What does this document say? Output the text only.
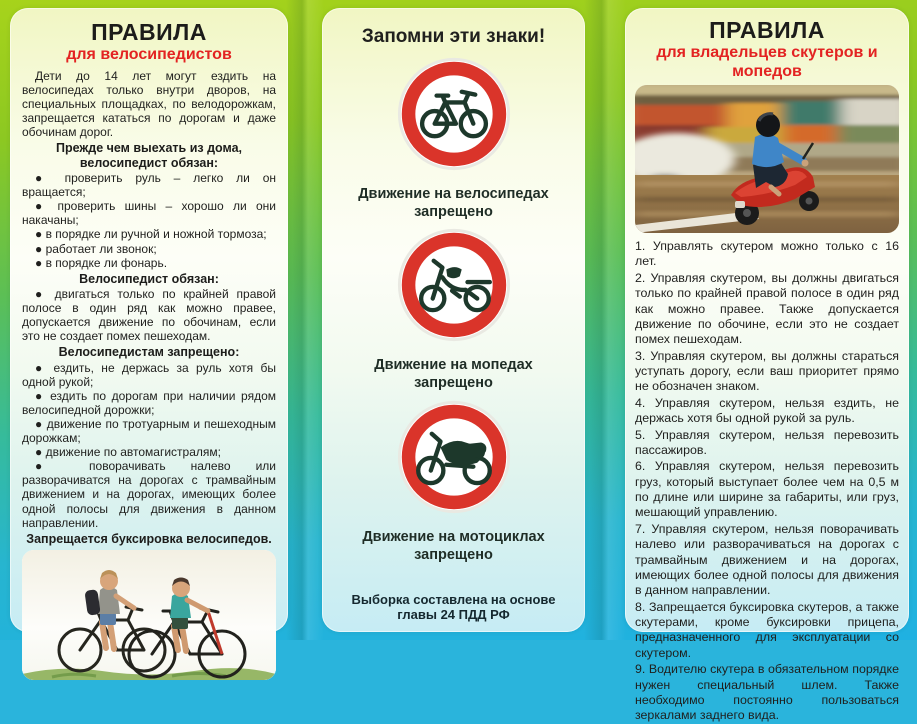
ПРАВИЛА
для велосипедистов

Дети до 14 лет могут ездить на велосипедах только внутри дворов, на специальных площадках, по велодорожкам, запрещается кататься по дорогам и даже обочинам дорог.

Прежде чем выехать из дома, велосипедист обязан:

● проверить руль – легко ли он вращается;

● проверить шины – хорошо ли они накачаны;

● в порядке ли ручной и ножной тормоза;

● работает ли звонок;

● в порядке ли фонарь.

Велосипедист обязан:

● двигаться только по крайней правой полосе в один ряд как можно правее, допускается движение по обочинам, если это не создает помех пешеходам.

Велосипедистам запрещено:

● ездить, не держась за руль хотя бы одной рукой;

● ездить по дорогам при наличии рядом велосипедной дорожки;

● движение по тротуарным и пешеходным дорожкам;

● движение по автомагистралям;

● поворачивать налево или разворачиватся на дорогах с трамвайным движением и на дорогах, имеющих более одной полосы для движения в данном направлении.

Запрещается буксировка велосипедов.

Запомни эти знаки!
Движение на велосипедах запрещено
Движение на мопедах запрещено
Движение на мотоциклах запрещено

Выборка составлена на основе главы 24 ПДД РФ

ПРАВИЛА
для владельцев скутеров и мопедов

1. Управлять скутером можно только с 16 лет.

2. Управляя скутером, вы должны двигаться только по крайней правой полосе в один ряд как можно правее. Также допускается движение по обочине, если это не создает помех пешеходам.

3. Управляя скутером, вы должны стараться уступать дорогу, если ваш приоритет прямо не обозначен знаком.

4. Управляя скутером, нельзя ездить, не держась хотя бы одной рукой за руль.

5. Управляя скутером, нельзя перевозить пассажиров.

6. Управляя скутером, нельзя перевозить груз, который выступает более чем на 0,5 м по длине или ширине за габариты, или груз, мешающий управлению.

7. Управляя скутером, нельзя поворачивать налево или разворачиваться на дорогах с трамвайным движением и на дорогах, имеющих более одной полосы для движения в данном направлении.

8. Запрещается буксировка скутеров, а также скутерами, кроме буксировки прицепа, предназначенного для эксплуатации со скутером.

9. Водителю скутера в обязательном порядке нужен специальный шлем. Также необходимо постоянно пользоваться зеркалами заднего вида.
